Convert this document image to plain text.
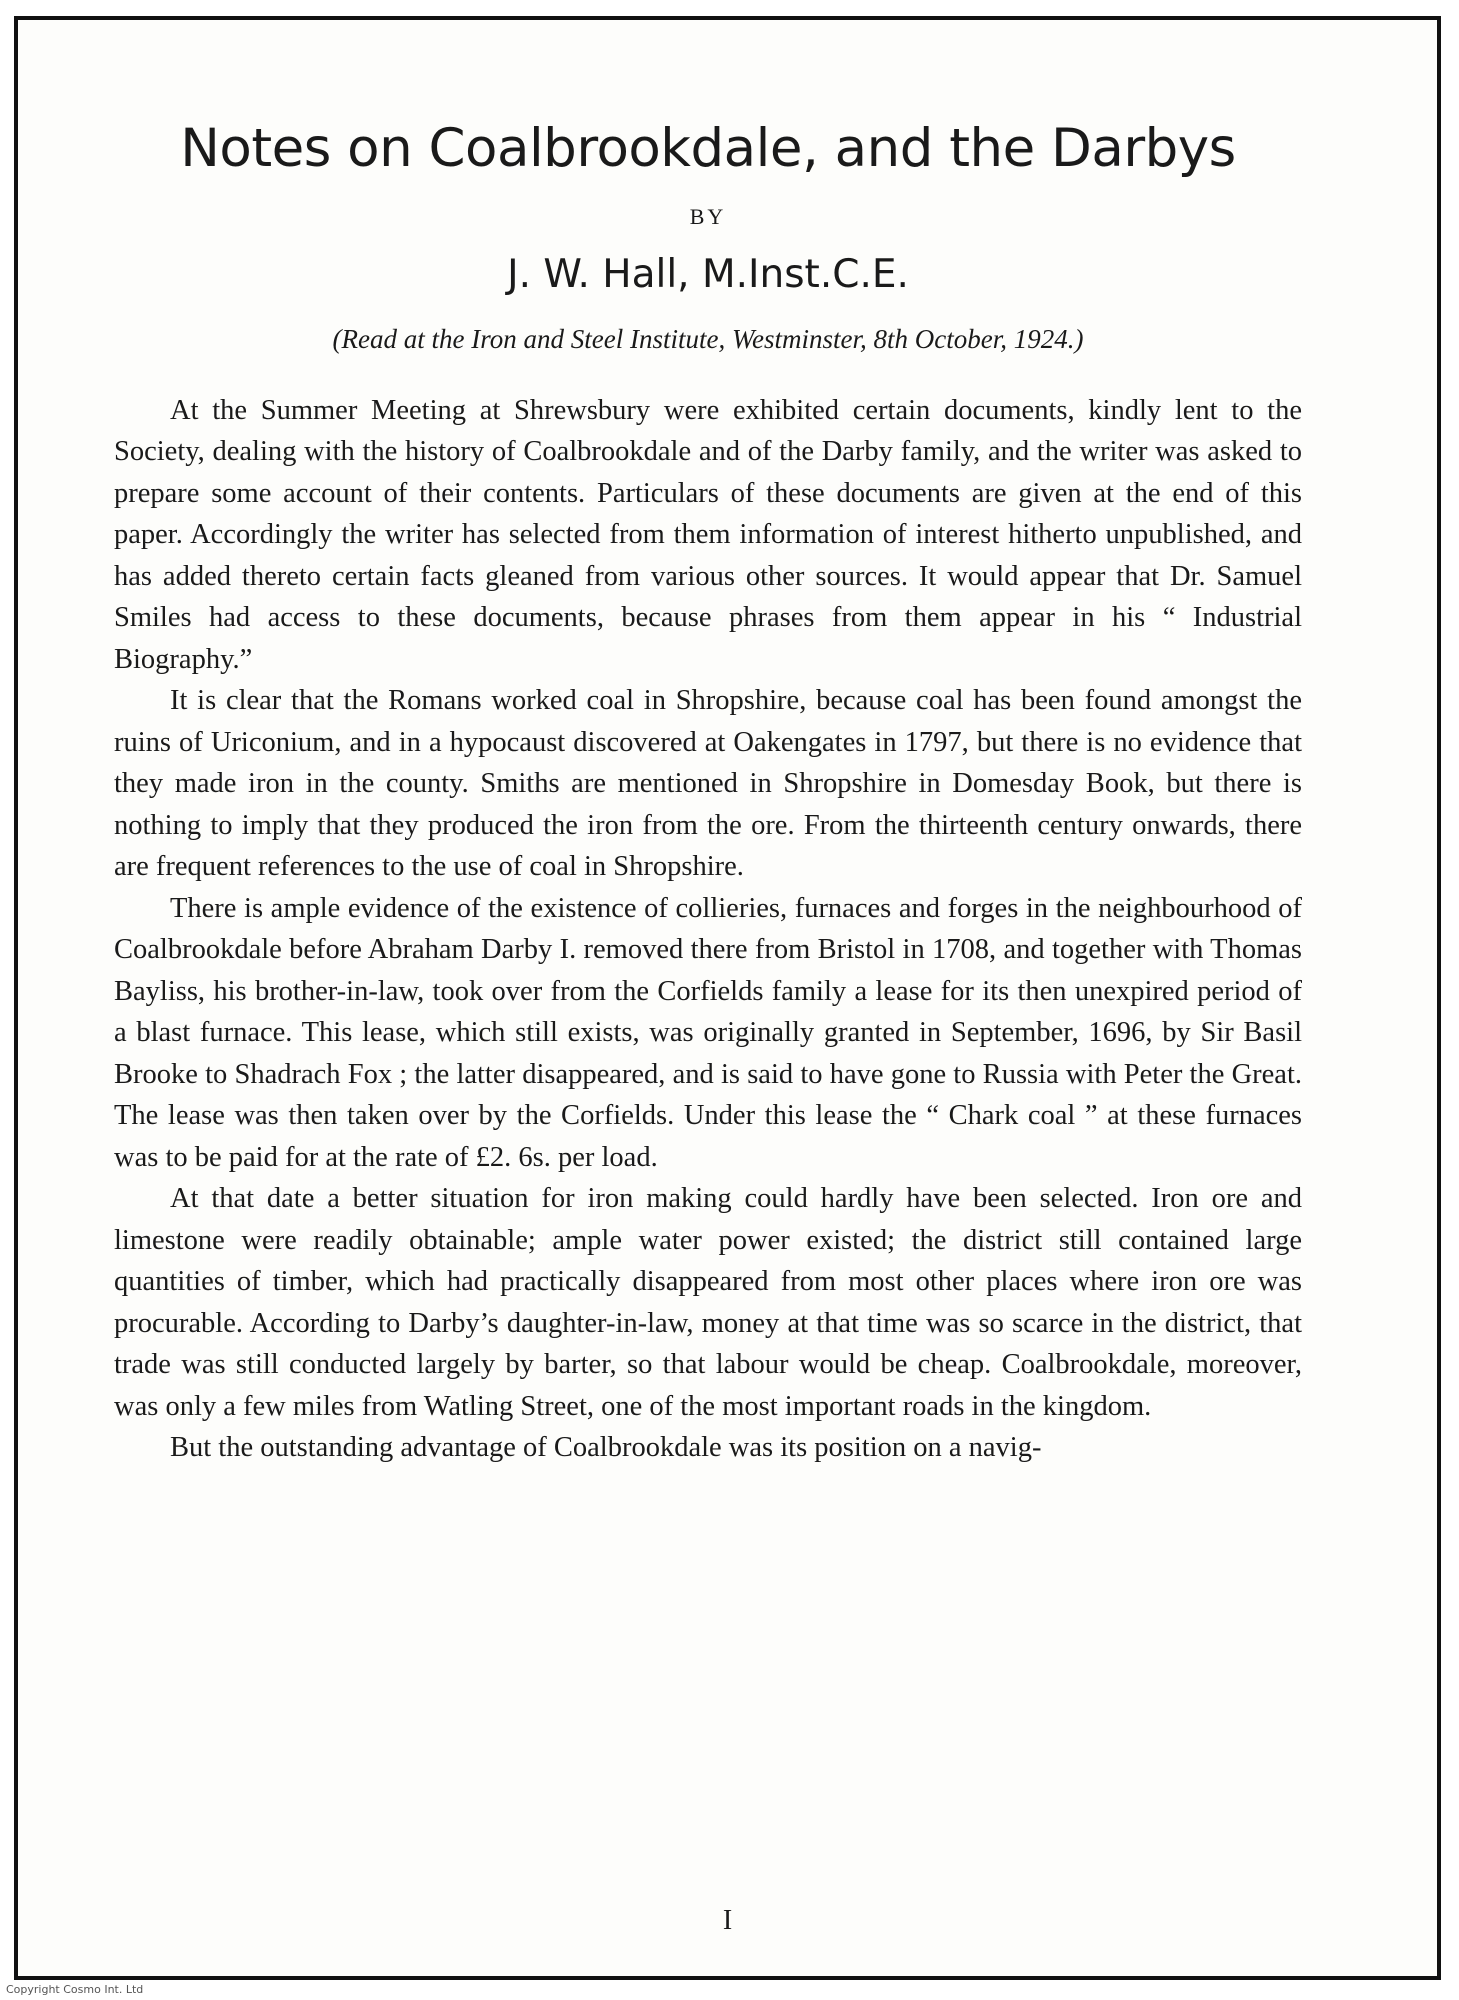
Notes on Coalbrookdale, and the Darbys
BY
J. W. Hall, M.Inst.C.E.
(Read at the Iron and Steel Institute, Westminster, 8th October, 1924.)

At the Summer Meeting at Shrewsbury were exhibited certain documents, kindly lent to the Society, dealing with the history of Coalbrookdale and of the Darby family, and the writer was asked to prepare some account of their contents. Particulars of these documents are given at the end of this paper. Accordingly the writer has selected from them information of interest hitherto unpublished, and has added thereto certain facts gleaned from various other sources. It would appear that Dr. Samuel Smiles had access to these documents, because phrases from them appear in his “ Industrial Biography.”

It is clear that the Romans worked coal in Shropshire, because coal has been found amongst the ruins of Uriconium, and in a hypocaust discovered at Oakengates in 1797, but there is no evidence that they made iron in the county. Smiths are mentioned in Shropshire in Domesday Book, but there is nothing to imply that they produced the iron from the ore. From the thirteenth century onwards, there are frequent references to the use of coal in Shropshire.

There is ample evidence of the existence of collieries, furnaces and forges in the neighbourhood of Coalbrookdale before Abraham Darby I. removed there from Bristol in 1708, and together with Thomas Bayliss, his brother-in-law, took over from the Corfields family a lease for its then unexpired period of a blast furnace. This lease, which still exists, was originally granted in September, 1696, by Sir Basil Brooke to Shadrach Fox ; the latter disappeared, and is said to have gone to Russia with Peter the Great. The lease was then taken over by the Corfields. Under this lease the “ Chark coal ” at these furnaces was to be paid for at the rate of £2. 6s. per load.

At that date a better situation for iron making could hardly have been selected. Iron ore and limestone were readily obtainable; ample water power existed; the district still contained large quantities of timber, which had practically disappeared from most other places where iron ore was procurable. According to Darby’s daughter-in-law, money at that time was so scarce in the district, that trade was still conducted largely by barter, so that labour would be cheap. Coalbrookdale, moreover, was only a few miles from Watling Street, one of the most important roads in the kingdom.

But the outstanding advantage of Coalbrookdale was its position on a navig-

I
Copyright Cosmo Int. Ltd
